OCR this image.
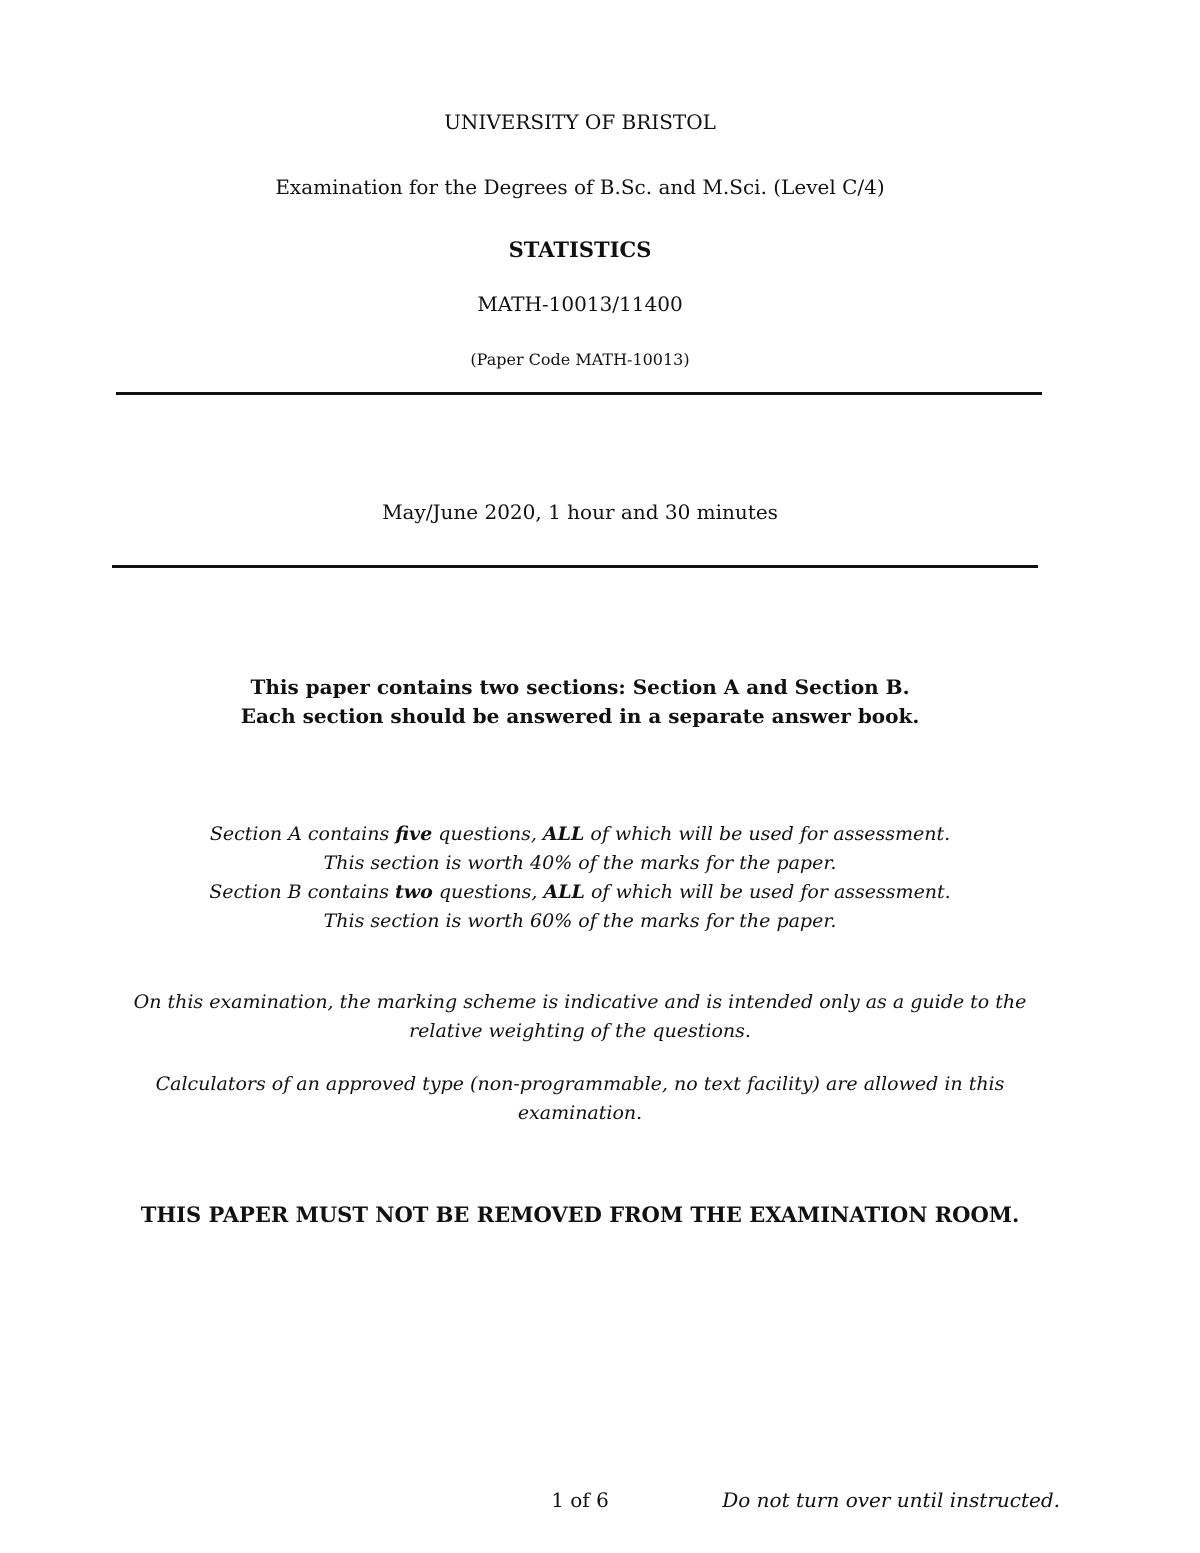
UNIVERSITY OF BRISTOL
Examination for the Degrees of B.Sc. and M.Sci. (Level C/4)
STATISTICS
MATH-10013/11400
(Paper Code MATH-10013)
May/June 2020, 1 hour and 30 minutes
This paper contains two sections: Section A and Section B.
Each section should be answered in a separate answer book.
Section A contains five questions, ALL of which will be used for assessment.
This section is worth 40% of the marks for the paper.
Section B contains two questions, ALL of which will be used for assessment.
This section is worth 60% of the marks for the paper.
On this examination, the marking scheme is indicative and is intended only as a guide to the relative weighting of the questions.
Calculators of an approved type (non-programmable, no text facility) are allowed in this examination.
THIS PAPER MUST NOT BE REMOVED FROM THE EXAMINATION ROOM.
1 of 6	Do not turn over until instructed.
